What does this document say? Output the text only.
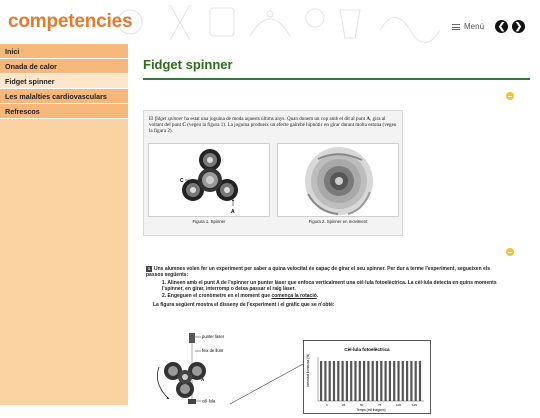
competencies	Menú	❮	❯
Inici
Onada de calor
Fidget spinner
Les malalties cardiovasculars
Refrescos
Fidget spinner
El fidget spinner ha estat una joguina de moda aquests últims anys. Quan donem un cop amb el dit al punt A, gira al voltant del punt C (vegeu la figura 1). La joguina produeix un efecte gairebé hipnòtic en girar durant molta estona (vegeu la figura 2).
C
A
Figura 1. Spinner	Figura 2. Spinner en moviment
1 Uns alumnes volen fer un experiment per saber a quina velocitat és capaç de girar el seu spinner. Per dur a terme l'experiment, segueixen els passos següents:
1. Alineen amb el punt A de l'spinner un punter làser que enfoca verticalment una cèl·lula fotoelèctrica. La cèl·lula detecta en quins moments l'spinner, en girar, interromp o deixa passar el raig làser.
2. Engeguen el cronòmetre en el moment que comença la rotació.
La figura següent mostra el disseny de l'experiment i el gràfic que se n'obté:
punter làser
feix de llum
cèl·lula
A
Cèl·lula fotoelèctrica
Intensitat lluminosa (%)
0	25	50	75	100	125
Temps (mil·lisegons)
